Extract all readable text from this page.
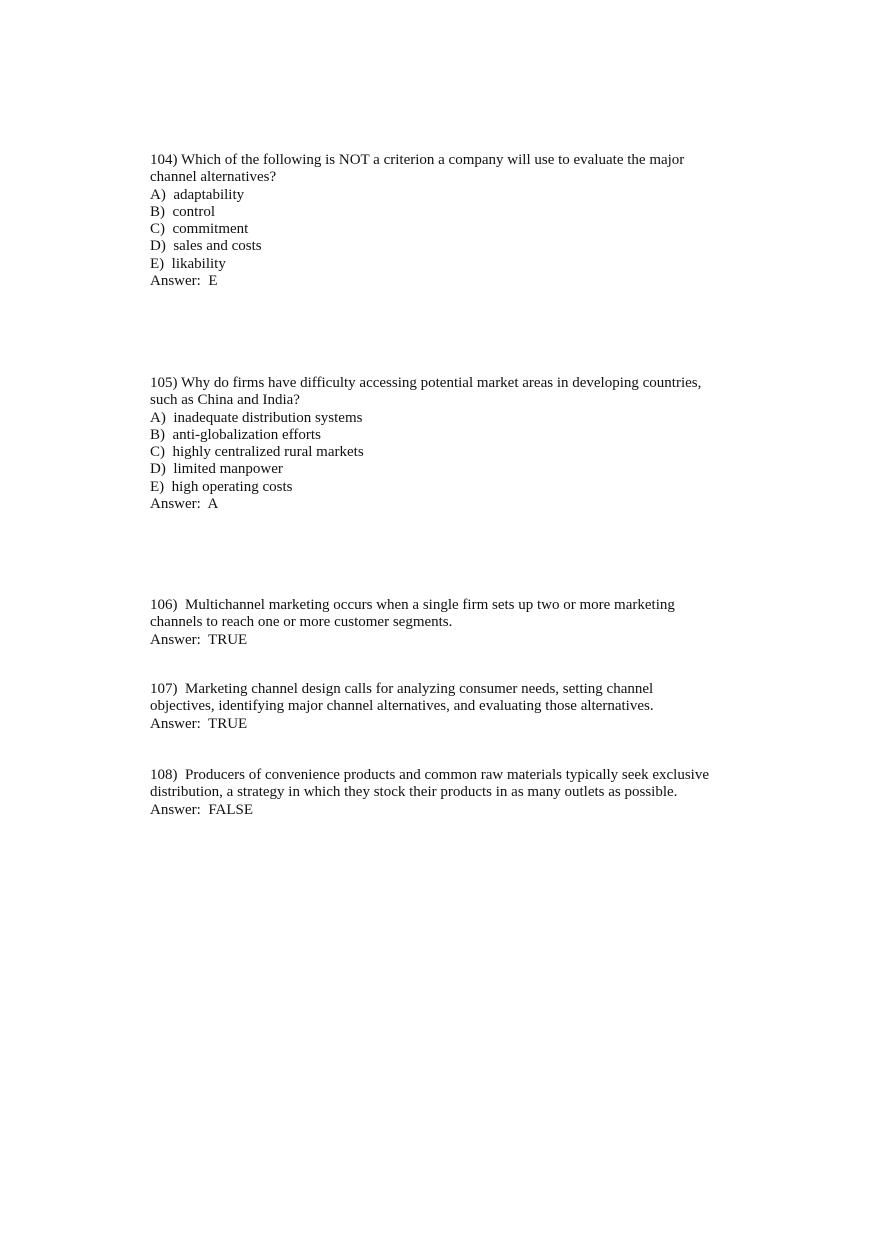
104) Which of the following is NOT a criterion a company will use to evaluate the major
channel alternatives?
A)  adaptability
B)  control
C)  commitment
D)  sales and costs
E)  likability
Answer:  E
105) Why do firms have difficulty accessing potential market areas in developing countries,
such as China and India?
A)  inadequate distribution systems
B)  anti-globalization efforts
C)  highly centralized rural markets
D)  limited manpower
E)  high operating costs
Answer:  A
106)  Multichannel marketing occurs when a single firm sets up two or more marketing
channels to reach one or more customer segments.
Answer:  TRUE
107)  Marketing channel design calls for analyzing consumer needs, setting channel
objectives, identifying major channel alternatives, and evaluating those alternatives.
Answer:  TRUE
108)  Producers of convenience products and common raw materials typically seek exclusive
distribution, a strategy in which they stock their products in as many outlets as possible.
Answer:  FALSE
